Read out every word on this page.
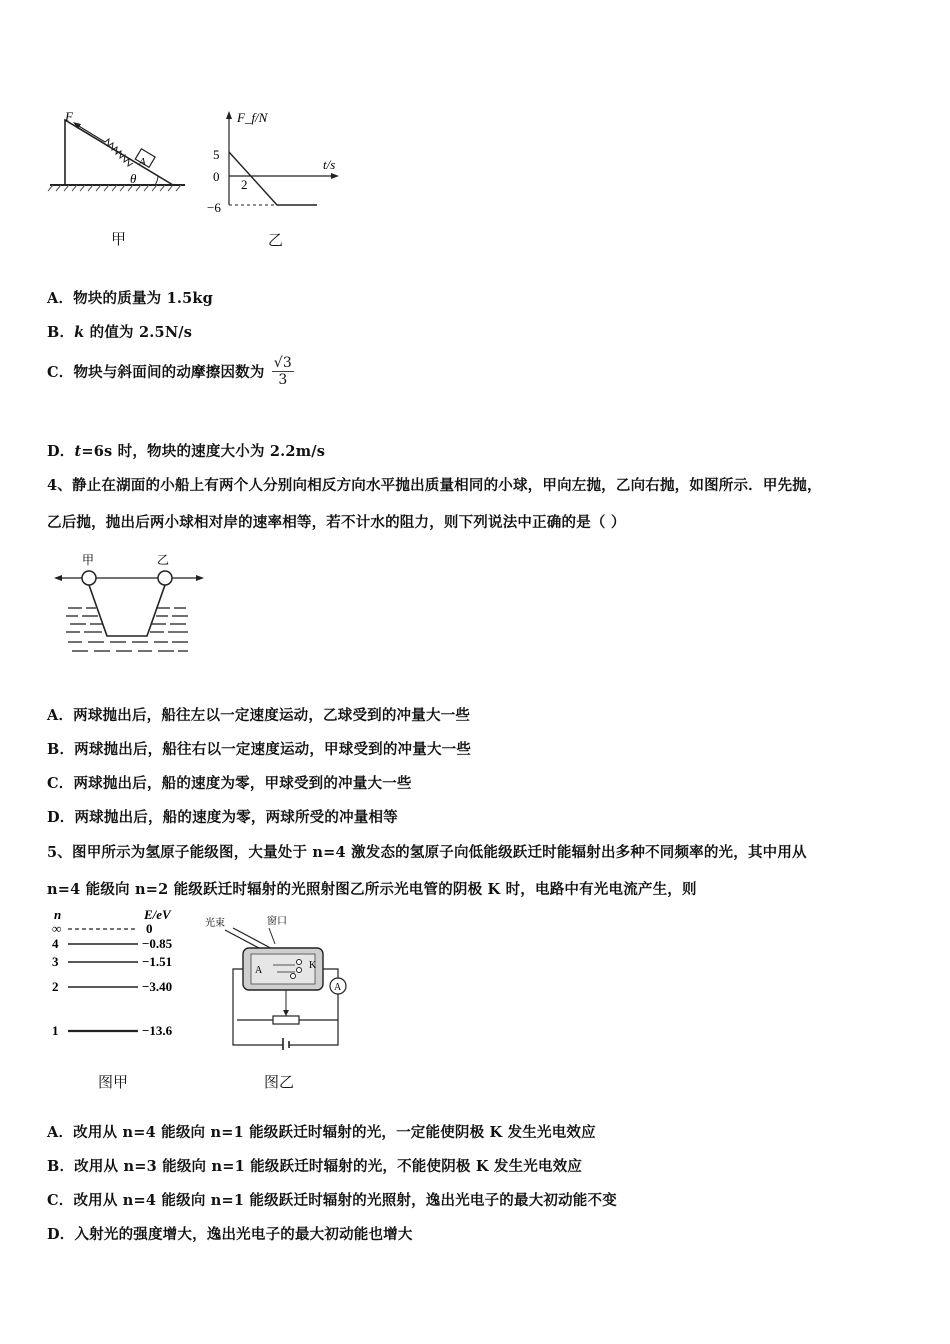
A
F
θ
甲
F_f/N
t/s
5
0
−6
2
乙
A．物块的质量为 1.5kg
B．k 的值为 2.5N/s
C．物块与斜面间的动摩擦因数为 $\frac{√3}{3}$
D．t=6s 时，物块的速度大小为 2.2m/s
4、静止在湖面的小船上有两个人分别向相反方向水平抛出质量相同的小球，甲向左抛，乙向右抛，如图所示．甲先抛，
乙后抛，抛出后两小球相对岸的速率相等，若不计水的阻力，则下列说法中正确的是（ ）
甲	乙
A．两球抛出后，船往左以一定速度运动，乙球受到的冲量大一些
B．两球抛出后，船往右以一定速度运动，甲球受到的冲量大一些
C．两球抛出后，船的速度为零，甲球受到的冲量大一些
D．两球抛出后，船的速度为零，两球所受的冲量相等
5、图甲所示为氢原子能级图，大量处于 n=4 激发态的氢原子向低能级跃迁时能辐射出多种不同频率的光，其中用从
n=4 能级向 n=2 能级跃迁时辐射的光照射图乙所示光电管的阴极 K 时，电路中有光电流产生，则
n	E/eV
∞	0
4	−0.85
3	−1.51
2	−3.40
1	−13.6
图甲
光束	窗口
A	K
A
图乙
A．改用从 n=4 能级向 n=1 能级跃迁时辐射的光，一定能使阴极 K 发生光电效应
B．改用从 n=3 能级向 n=1 能级跃迁时辐射的光，不能使阴极 K 发生光电效应
C．改用从 n=4 能级向 n=1 能级跃迁时辐射的光照射，逸出光电子的最大初动能不变
D．入射光的强度增大，逸出光电子的最大初动能也增大
